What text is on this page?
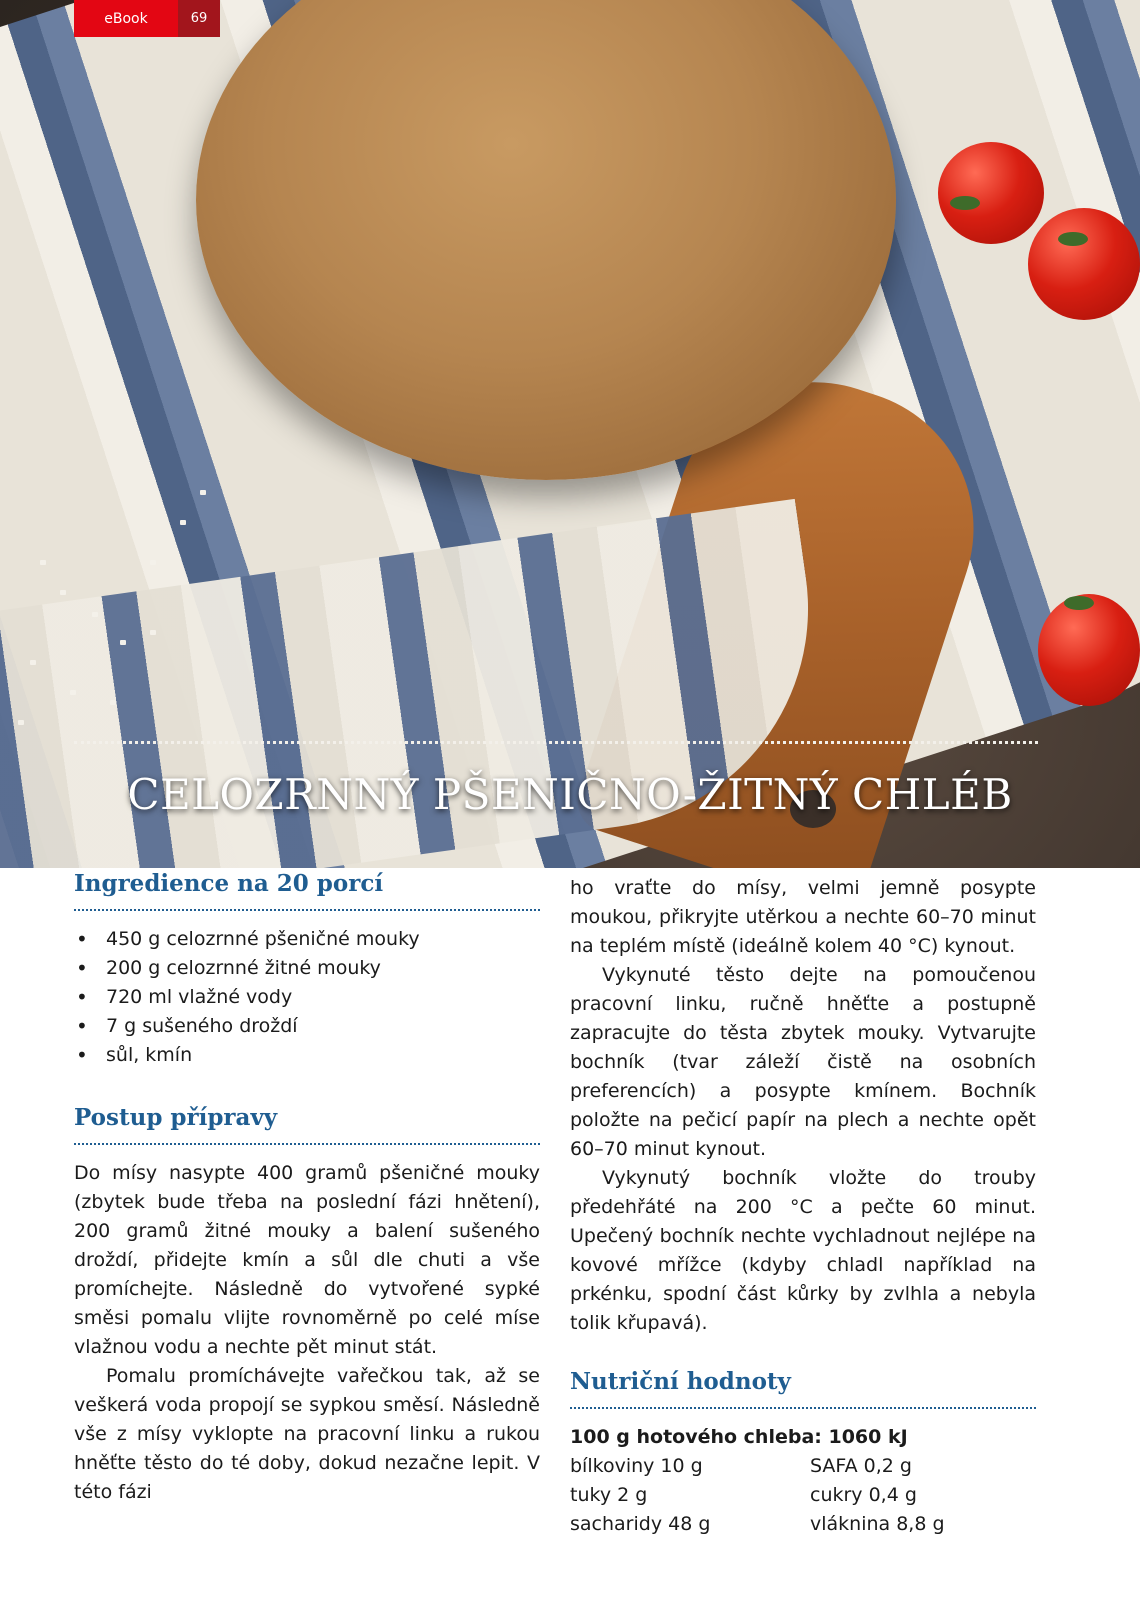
eBook	69
CELOZRNNÝ PŠENIČNO-ŽITNÝ CHLÉB
Ingredience na 20 porcí
• 450 g celozrnné pšeničné mouky
• 200 g celozrnné žitné mouky
• 720 ml vlažné vody
• 7 g sušeného droždí
• sůl, kmín
Postup přípravy

Do mísy nasypte 400 gramů pšeničné mouky (zbytek bude třeba na poslední fázi hnětení), 200 gramů žitné mouky a balení sušeného droždí, přidejte kmín a sůl dle chuti a vše promíchejte. Následně do vytvořené sypké směsi pomalu vlijte rovnoměrně po celé míse vlažnou vodu a nechte pět minut stát.

Pomalu promíchávejte vařečkou tak, až se veškerá voda propojí se sypkou směsí. Následně vše z mísy vyklopte na pracovní linku a rukou hněťte těsto do té doby, dokud nezačne lepit. V této fázi

ho vraťte do mísy, velmi jemně posypte moukou, přikryjte utěrkou a nechte 60–70 minut na teplém místě (ideálně kolem 40 °C) kynout.

Vykynuté těsto dejte na pomoučenou pracovní linku, ručně hněťte a postupně zapracujte do těsta zbytek mouky. Vytvarujte bochník (tvar záleží čistě na osobních preferencích) a posypte kmínem. Bochník položte na pečicí papír na plech a nechte opět 60–70 minut kynout.

Vykynutý bochník vložte do trouby předehřáté na 200 °C a pečte 60 minut. Upečený bochník nechte vychladnout nejlépe na kovové mřížce (kdyby chladl například na prkénku, spodní část kůrky by zvlhla a nebyla tolik křupavá).

Nutriční hodnoty
100 g hotového chleba: 1060 kJ
bílkoviny 10 g	SAFA 0,2 g
tuky 2 g	cukry 0,4 g
sacharidy 48 g	vláknina 8,8 g
